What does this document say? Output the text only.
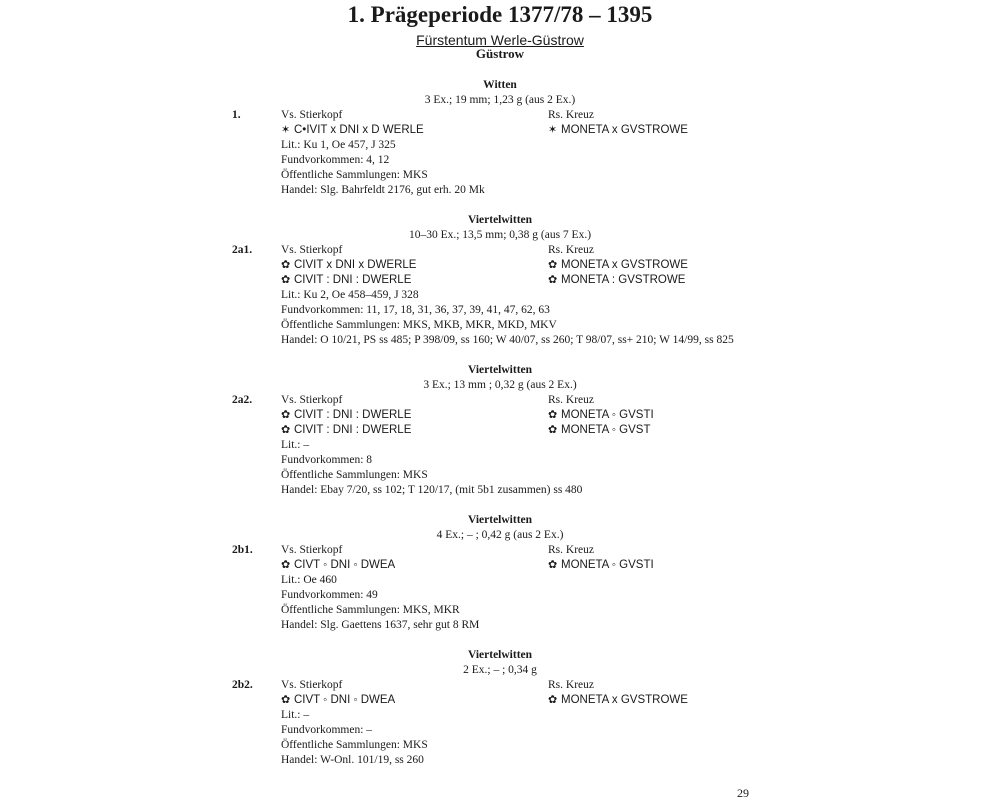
1. Prägeperiode 1377/78 – 1395
Fürstentum Werle-Güstrow
Güstrow
Witten
3 Ex.; 19 mm; 1,23 g (aus 2 Ex.)
1.	Vs. Stierkopf	Rs. Kreuz
✶ C•IVIT x DNI x D WERLE	✶ MONETA x GVSTROWE
Lit.: Ku 1, Oe 457, J 325
Fundvorkommen: 4, 12
Öffentliche Sammlungen: MKS
Handel: Slg. Bahrfeldt 2176, gut erh. 20 Mk
Viertelwitten
10–30 Ex.; 13,5 mm; 0,38 g (aus 7 Ex.)
2a1.	Vs. Stierkopf	Rs. Kreuz
✿ CIVIT x DNI x DWERLE	✿ MONETA x GVSTROWE
✿ CIVIT : DNI : DWERLE	✿ MONETA : GVSTROWE
Lit.: Ku 2, Oe 458–459, J 328
Fundvorkommen: 11, 17, 18, 31, 36, 37, 39, 41, 47, 62, 63
Öffentliche Sammlungen: MKS, MKB, MKR, MKD, MKV
Handel: O 10/21, PS ss 485; P 398/09, ss 160; W 40/07, ss 260; T 98/07, ss+ 210; W 14/99, ss 825
Viertelwitten
3 Ex.; 13 mm ; 0,32 g (aus 2 Ex.)
2a2.	Vs. Stierkopf	Rs. Kreuz
✿ CIVIT : DNI : DWERLE	✿ MONETA ◦ GVSTI
✿ CIVIT : DNI : DWERLE	✿ MONETA ◦ GVST
Lit.: –
Fundvorkommen: 8
Öffentliche Sammlungen: MKS
Handel: Ebay 7/20, ss 102; T 120/17, (mit 5b1 zusammen) ss 480
Viertelwitten
4 Ex.; – ; 0,42 g (aus 2 Ex.)
2b1.	Vs. Stierkopf	Rs. Kreuz
✿ CIVT ◦ DNI ◦ DWEA	✿ MONETA ◦ GVSTI
Lit.: Oe 460
Fundvorkommen: 49
Öffentliche Sammlungen: MKS, MKR
Handel: Slg. Gaettens 1637, sehr gut 8 RM
Viertelwitten
2 Ex.; – ; 0,34 g
2b2.	Vs. Stierkopf	Rs. Kreuz
✿ CIVT ◦ DNI ◦ DWEA	✿ MONETA x GVSTROWE
Lit.: –
Fundvorkommen: –
Öffentliche Sammlungen: MKS
Handel: W-Onl. 101/19, ss 260
29
